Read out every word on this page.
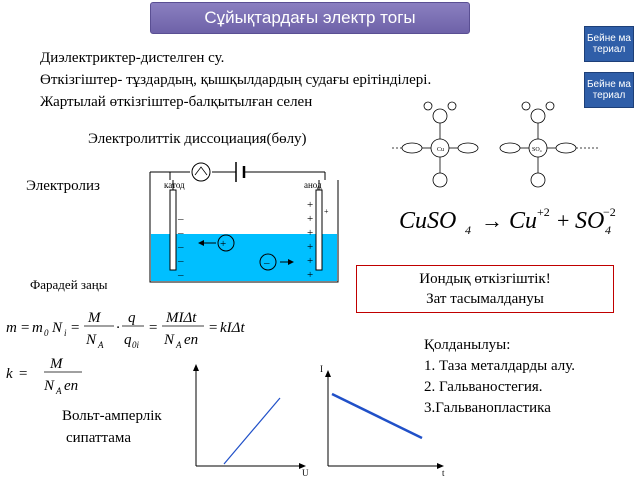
Сұйықтардағы электр тогы
Бейне материал
Бейне материал
Диэлектриктер-дистелген су.
Өткізгіштер- тұздардың, қышқылдардың судағы ерітінділері.
Жартылай өткізгіштер-балқытылған селен
Электролиттік диссоциация(бөлу)
Cu	SO₄
Электролиз
–
–
–
–
–
+
+
+
+
+
+
+
+
–
катод	анод
CuSO 4 → Cu +2 + SO
−2
4
Фарадей заңы	Иондық өткізгіштік!
Зат тасымалдануы
m = m 0 N i =
M
N A
·
q
q 0i
=
MIΔt
N A en
= kIΔt
k =
M
N A en
Қолданылуы:
1. Таза металдарды алу.
2. Гальваностегия.
3.Гальванопластика
Вольт-амперлік
сипаттама
U
I
t
